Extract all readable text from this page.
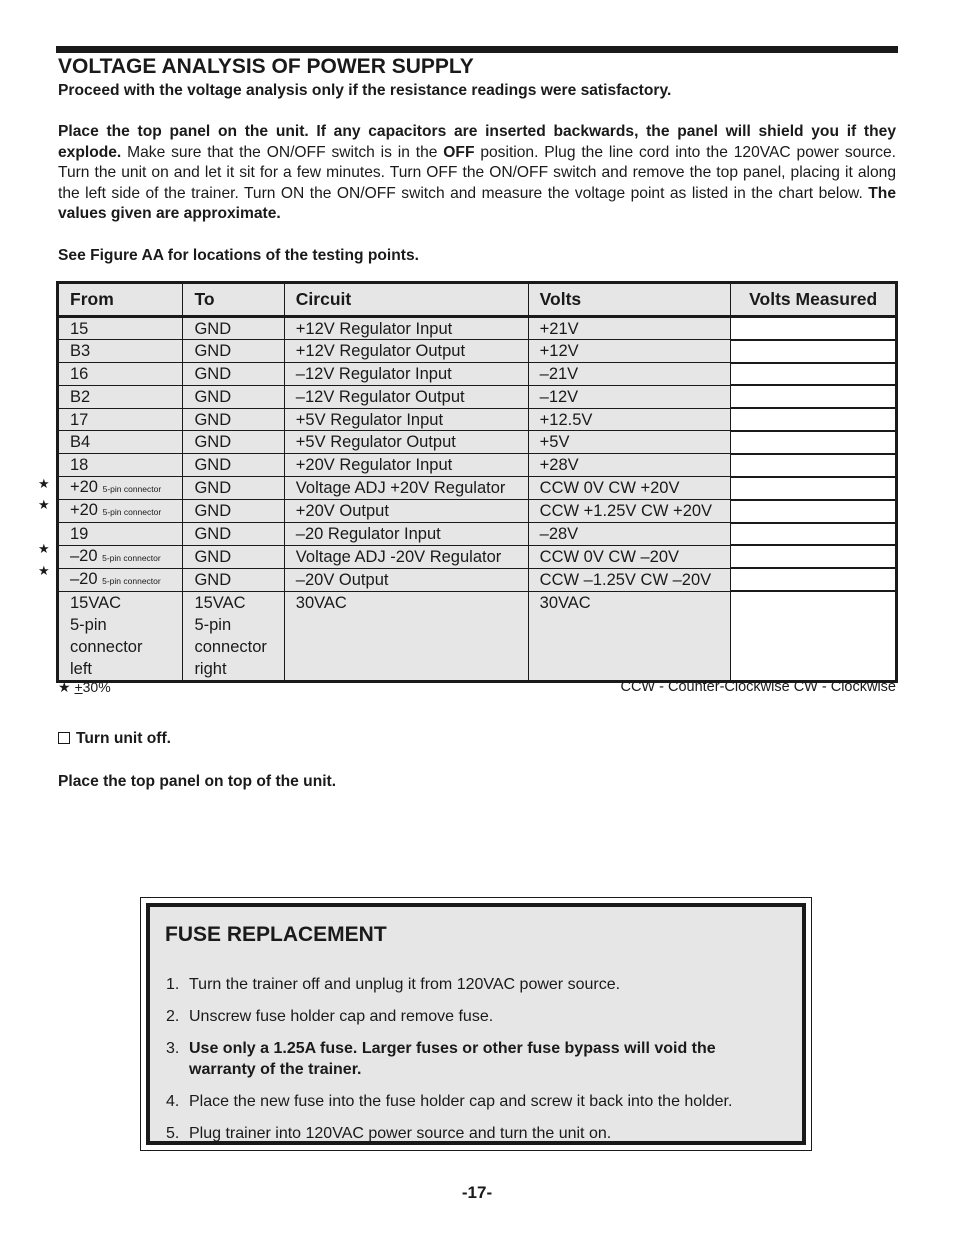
VOLTAGE ANALYSIS OF POWER SUPPLY

Proceed with the voltage analysis only if the resistance readings were satisfactory.

Place the top panel on the unit. If any capacitors are inserted backwards, the panel will shield you if they explode. Make sure that the ON/OFF switch is in the OFF position. Plug the line cord into the 120VAC power source. Turn the unit on and let it sit for a few minutes. Turn OFF the ON/OFF switch and remove the top panel, placing it along the left side of the trainer. Turn ON the ON/OFF switch and measure the voltage point as listed in the chart below. The values given are approximate.

See Figure AA for locations of the testing points.

From	To	Circuit	Volts	Volts Measured
15	GND	+12V Regulator Input	+21V	
B3	GND	+12V Regulator Output	+12V	
16	GND	–12V Regulator Input	–21V	
B2	GND	–12V Regulator Output	–12V	
17	GND	+5V Regulator Input	+12.5V	
B4	GND	+5V Regulator Output	+5V	
18	GND	+20V Regulator Input	+28V	
+20 5-pin connector	GND	Voltage ADJ +20V Regulator	CCW 0V CW +20V	
+20 5-pin connector	GND	+20V Output	CCW +1.25V CW +20V	
19	GND	–20 Regulator Input	–28V	
–20 5-pin connector	GND	Voltage ADJ -20V Regulator	CCW 0V CW –20V	
–20 5-pin connector	GND	–20V Output	CCW –1.25V CW –20V	
15VAC
5-pin
connector
left	15VAC
5-pin
connector
right	30VAC	30VAC	
★
★
★
★
★ +30%	CCW - Counter-Clockwise CW - Clockwise
Turn unit off.

Place the top panel on top of the unit.

FUSE REPLACEMENT
1. Turn the trainer off and unplug it from 120VAC power source.
2. Unscrew fuse holder cap and remove fuse.
3. Use only a 1.25A fuse. Larger fuses or other fuse bypass will void the warranty of the trainer.
4. Place the new fuse into the fuse holder cap and screw it back into the holder.
5. Plug trainer into 120VAC power source and turn the unit on.
-17-
